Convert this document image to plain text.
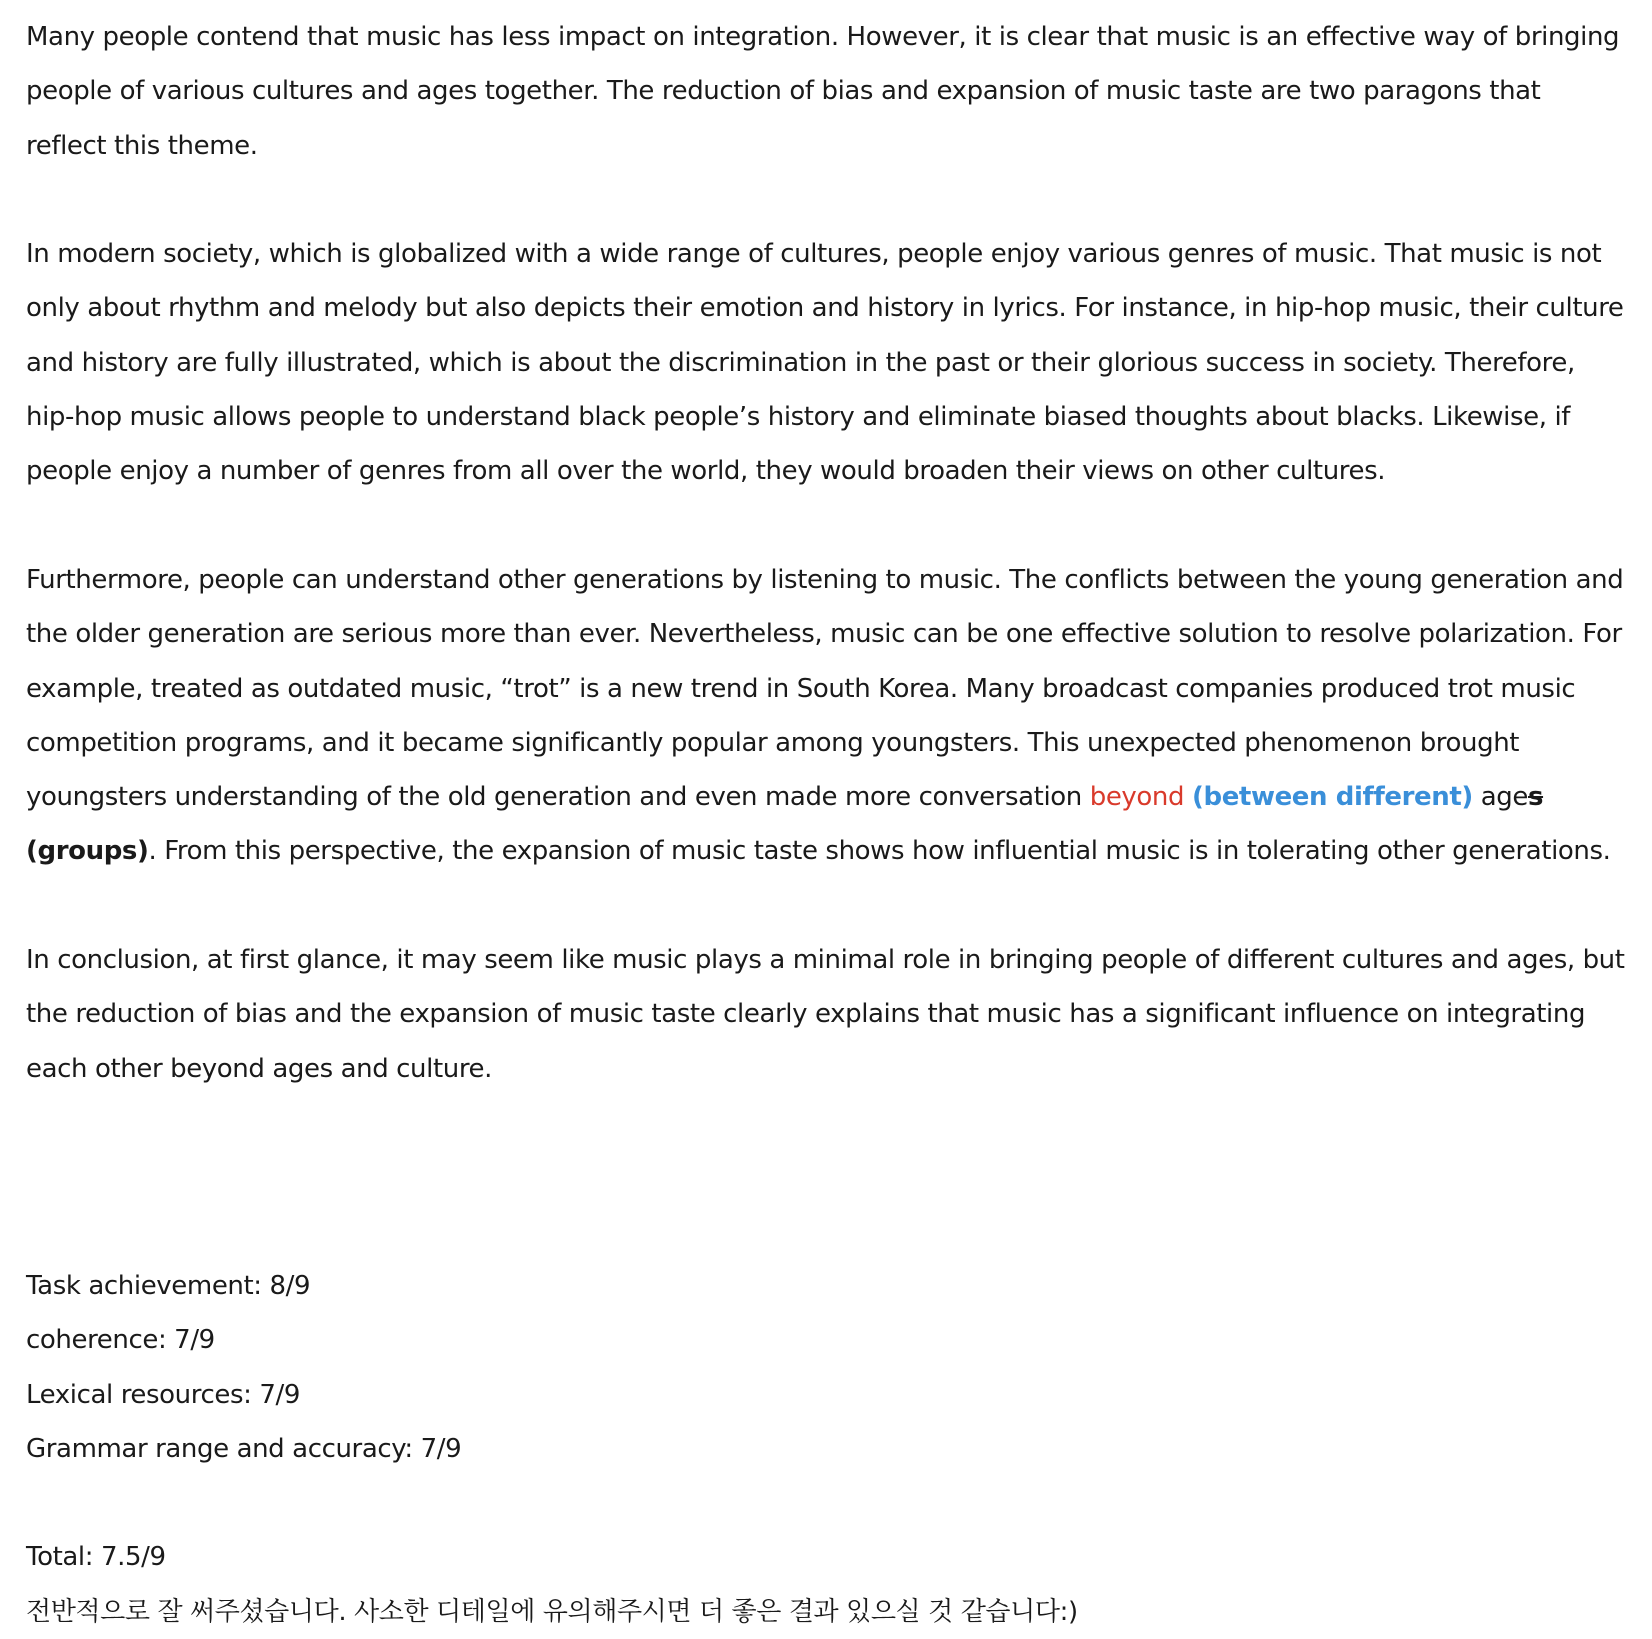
Many people contend that music has less impact on integration. However, it is clear that music is an effective way of bringing people of various cultures and ages together. The reduction of bias and expansion of music taste are two paragons that reflect this theme.

In modern society, which is globalized with a wide range of cultures, people enjoy various genres of music. That music is not only about rhythm and melody but also depicts their emotion and history in lyrics. For instance, in hip-hop music, their culture and history are fully illustrated, which is about the discrimination in the past or their glorious success in society. Therefore, hip-hop music allows people to understand black people’s history and eliminate biased thoughts about blacks. Likewise, if people enjoy a number of genres from all over the world, they would broaden their views on other cultures.

Furthermore, people can understand other generations by listening to music. The conflicts between the young generation and the older generation are serious more than ever. Nevertheless, music can be one effective solution to resolve polarization. For example, treated as outdated music, “trot” is a new trend in South Korea. Many broadcast companies produced trot music competition programs, and it became significantly popular among youngsters. This unexpected phenomenon brought youngsters understanding of the old generation and even made more conversation beyond (between different) ages (groups). From this perspective, the expansion of music taste shows how influential music is in tolerating other generations.

In conclusion, at first glance, it may seem like music plays a minimal role in bringing people of different cultures and ages, but the reduction of bias and the expansion of music taste clearly explains that music has a significant influence on integrating each other beyond ages and culture.

Task achievement: 8/9

coherence: 7/9

Lexical resources: 7/9

Grammar range and accuracy: 7/9

Total: 7.5/9

전반적으로 잘 써주셨습니다. 사소한 디테일에 유의해주시면 더 좋은 결과 있으실 것 같습니다:)
